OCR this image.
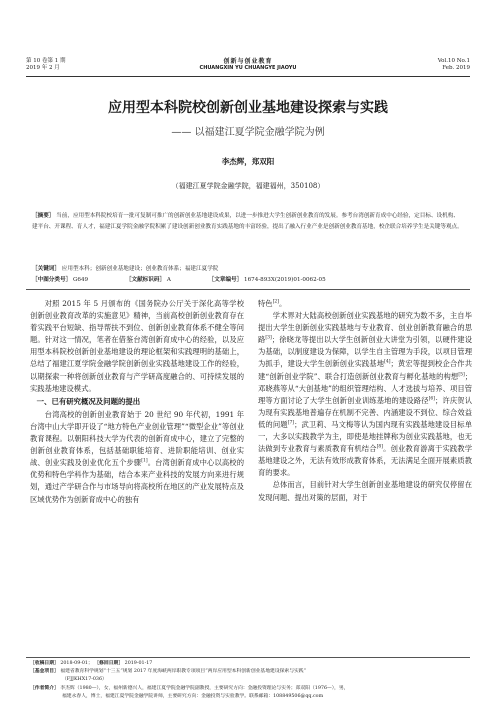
第 10 卷第 1 期
2019 年 2 月
创新与创业教育
CHUANGXIN YU CHUANGYE JIAOYU
Vol.10 No.1
Feb. 2019
应用型本科院校创新创业基地建设探索与实践
—— 以福建江夏学院金融学院为例
李杰辉，郑双阳
（福建江夏学院金融学院，福建福州，350108）
［摘要］ 当前，应用型本科院校培育一批可复制可推广的创新创业基地建设成果，以进一步推进大学生创新创业教育的发展。参考台湾创新育成中心经验，定目标、设机构、建平台、开课程、育人才，福建江夏学院金融学院积累了建设创新创业教育实践基地的丰富经验，提出了融入行业产业是创新创业教育基地，校企联合培养学生是关键等观点。
［关键词］ 应用型本科；创新创业基地建设；创业教育体系；福建江夏学院
［中图分类号］ G649	［文献标识码］ A	［文章编号］ 1674-893X(2019)01-0062-05

对照 2015 年 5 月颁布的《国务院办公厅关于深化高等学校创新创业教育改革的实施意见》精神，当前高校创新创业教育存在着实践平台短缺、指导帮扶不到位、创新创业教育体系不健全等问题。针对这一情况，笔者在借鉴台湾创新育成中心的经验，以及应用型本科院校创新创业基地建设的理论框架和实践理明的基础上，总结了福建江夏学院金融学院创新创业实践基地建设工作的经验，以期探索一种将创新创业教育与产学研高度融合的、可持续发展的实践基地建设模式。

一、已有研究概况及问题的提出

台湾高校的创新创业教育始于 20 世纪 90 年代初，1991 年台湾中山大学即开设了“地方特色产业创业管理”“微型企业”等创业教育课程。以朝阳科技大学为代表的创新育成中心，建立了完整的创新创业教育体系，包括基础职能培育、进阶职能培训、创业实战、创业实践及创业优化五个步骤[1]。台湾创新育成中心以高校的优势和特色学科作为基础，结合本来产业科技的发展方向来进行规划，通过产学研合作与市场导向将高校所在地区的产业发展特点及区域优势作为创新育成中心的独有

特色[2]。

学术界对大陆高校创新创业实践基地的研究为数不多，主自毕提出大学生创新创业实践基地与专业教育、创业创新教育融合的思路[3]；徐晓龙等提出以大学生创新创业大讲堂为引领，以硬件建设为基础，以制度建设为保障，以学生自主管理为手段，以项目管理为抓手，建设大学生创新创业实践基地[4]；黄宏等提到校企合作共建“创新创业学院”、联合打造创新创业教育与孵化基地的构想[5]；邓晓燕等从“大创基地”的组织管理结构、人才选拔与培养、项目管理等方面讨论了大学生创新创业训练基地的建设路径[6]；许庆贺认为现有实践基地普遍存在机制不完善、内涵建设不到位、综合效益低的问题[7]；武卫莉、马文梅等认为国内现有实践基地建设目标单一，大多以实践教学为主，即使是地挂牌称为创业实践基地，也无法做到专业教育与素质教育有机结合[8]。创业教育游离于实践教学基地建设之外，无法有效形成教育体系，无法满足全面开展素质教育的要求。

总体而言，目前针对大学生创新创业基地建设的研究仅停留在发现问题、提出对策的层面，对于

［收稿日期］ 2018-09-01； ［修回日期］ 2019-01-17
［基金项目］ 福建省教育科学规划“十三五”规划 2017 年度海峡两岸职教专项项目“两岸应用型本科创新创业基地建设探索与实践”
（FJJKHX17-036）
［作者简介］ 李杰辉（1980—），女，福州新德兴人，福建江夏学院金融学院副教授，主要研究方向：金融投资理论与实务；郑双阳（1976—），男，
福建永春人，博士，福建江夏学院金融学院讲师，主要研究方向：金融投资与实验教学。联系邮箱：108849506@qq.com
